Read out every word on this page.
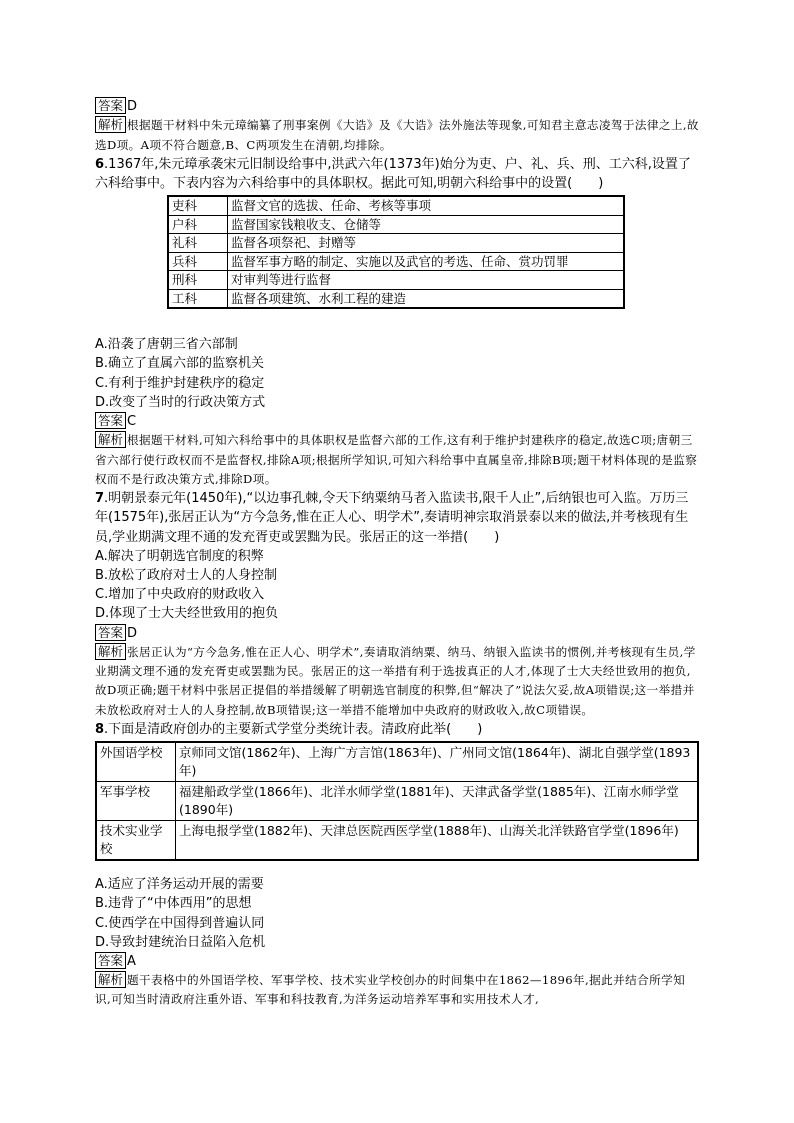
答案 D

解析 根据题干材料中朱元璋编纂了刑事案例《大诰》及《大诰》法外施法等现象,可知君主意志凌驾于法律之上,故选D项。A项不符合题意,B、C两项发生在清朝,均排除。

6.1367年,朱元璋承袭宋元旧制设给事中,洪武六年(1373年)始分为吏、户、礼、兵、刑、工六科,设置了六科给事中。下表内容为六科给事中的具体职权。据此可知,明朝六科给事中的设置(　　)

吏科	监督文官的选拔、任命、考核等事项
户科	监督国家钱粮收支、仓储等
礼科	监督各项祭祀、封赠等
兵科	监督军事方略的制定、实施以及武官的考选、任命、赏功罚罪
刑科	对审判等进行监督
工科	监督各项建筑、水利工程的建造

A.沿袭了唐朝三省六部制

B.确立了直属六部的监察机关

C.有利于维护封建秩序的稳定

D.改变了当时的行政决策方式

答案 C

解析 根据题干材料,可知六科给事中的具体职权是监督六部的工作,这有利于维护封建秩序的稳定,故选C项;唐朝三省六部行使行政权而不是监督权,排除A项;根据所学知识,可知六科给事中直属皇帝,排除B项;题干材料体现的是监察权而不是行政决策方式,排除D项。

7.明朝景泰元年(1450年),“以边事孔棘,令天下纳粟纳马者入监读书,限千人止”,后纳银也可入监。万历三年(1575年),张居正认为“方今急务,惟在正人心、明学术”,奏请明神宗取消景泰以来的做法,并考核现有生员,学业期满文理不通的发充胥吏或罢黜为民。张居正的这一举措(　　)

A.解决了明朝选官制度的积弊

B.放松了政府对士人的人身控制

C.增加了中央政府的财政收入

D.体现了士大夫经世致用的抱负

答案 D

解析 张居正认为“方今急务,惟在正人心、明学术”,奏请取消纳粟、纳马、纳银入监读书的惯例,并考核现有生员,学业期满文理不通的发充胥吏或罢黜为民。张居正的这一举措有利于选拔真正的人才,体现了士大夫经世致用的抱负,故D项正确;题干材料中张居正提倡的举措缓解了明朝选官制度的积弊,但“解决了”说法欠妥,故A项错误;这一举措并未放松政府对士人的人身控制,故B项错误;这一举措不能增加中央政府的财政收入,故C项错误。

8.下面是清政府创办的主要新式学堂分类统计表。清政府此举(　　)

外国语学校	京师同文馆(1862年)、上海广方言馆(1863年)、广州同文馆(1864年)、湖北自强学堂(1893年)
军事学校	福建船政学堂(1866年)、北洋水师学堂(1881年)、天津武备学堂(1885年)、江南水师学堂(1890年)
技术实业学校	上海电报学堂(1882年)、天津总医院西医学堂(1888年)、山海关北洋铁路官学堂(1896年)

A.适应了洋务运动开展的需要

B.违背了“中体西用”的思想

C.使西学在中国得到普遍认同

D.导致封建统治日益陷入危机

答案 A

解析 题干表格中的外国语学校、军事学校、技术实业学校创办的时间集中在1862—1896年,据此并结合所学知识,可知当时清政府注重外语、军事和科技教育,为洋务运动培养军事和实用技术人才,
